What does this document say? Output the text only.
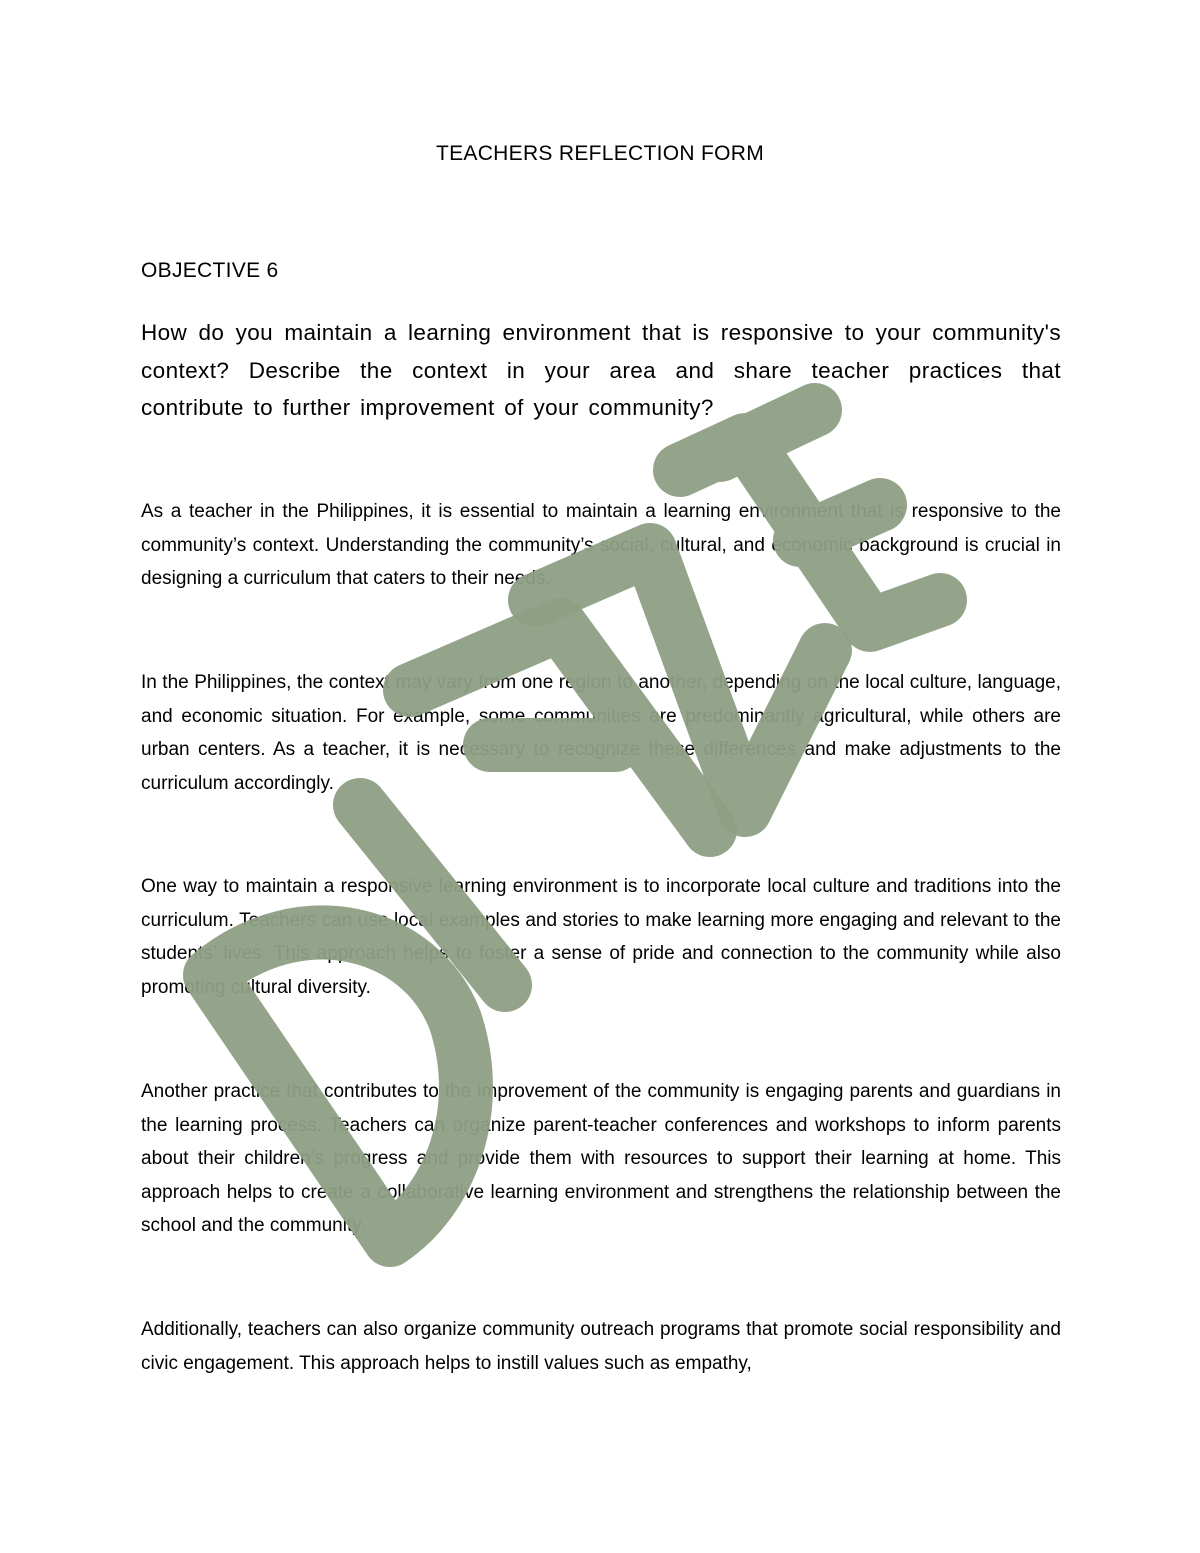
TEACHERS REFLECTION FORM
OBJECTIVE 6

How do you maintain a learning environment that is responsive to your community's context? Describe the context in your area and share teacher practices that contribute to further improvement of your community?

As a teacher in the Philippines, it is essential to maintain a learning environment that is responsive to the community’s context. Understanding the community’s social, cultural, and economic background is crucial in designing a curriculum that caters to their needs.

In the Philippines, the context may vary from one region to another, depending on the local culture, language, and economic situation. For example, some communities are predominantly agricultural, while others are urban centers. As a teacher, it is necessary to recognize these differences and make adjustments to the curriculum accordingly.

One way to maintain a responsive learning environment is to incorporate local culture and traditions into the curriculum. Teachers can use local examples and stories to make learning more engaging and relevant to the students’ lives. This approach helps to foster a sense of pride and connection to the community while also promoting cultural diversity.

Another practice that contributes to the improvement of the community is engaging parents and guardians in the learning process. Teachers can organize parent-teacher conferences and workshops to inform parents about their children’s progress and provide them with resources to support their learning at home. This approach helps to create a collaborative learning environment and strengthens the relationship between the school and the community.

Additionally, teachers can also organize community outreach programs that promote social responsibility and civic engagement. This approach helps to instill values such as empathy,
